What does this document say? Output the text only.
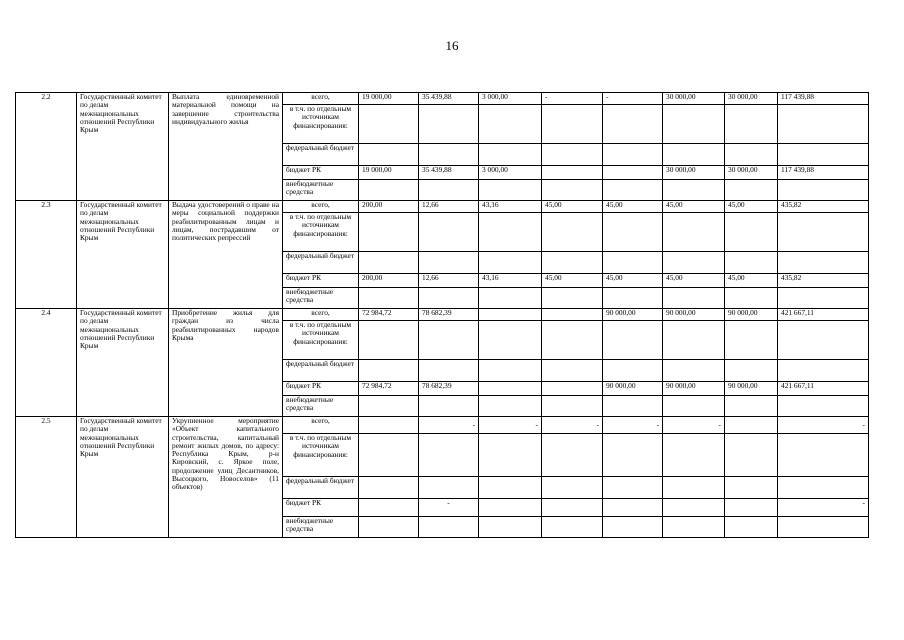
16
2.2	Государственный комитет по делам межнациональных отношений Республики Крым	Выплата единовременной материальной помощи на завершение строительства индивидуального жилья	всего,	19 000,00	35 439,88	3 000,00	-	-	30 000,00	30 000,00	117 439,88
			в т.ч. по отдельным источникам финансирования:								
			федеральный бюджет								
			бюджет РК	19 000,00	35 439,88	3 000,00			30 000,00	30 000,00	117 439,88
			внебюджетные средства								
2.3	Государственный комитет по делам межнациональных отношений Республики Крым	Выдача удостоверений о праве на меры социальной поддержки реабилитированным лицам и лицам, пострадавшим от политических репрессий	всего,	200,00	12,66	43,16	45,00	45,00	45,00	45,00	435,82
			в т.ч. по отдельным источникам финансирования:								
			федеральный бюджет								
			бюджет РК	200,00	12,66	43,16	45,00	45,00	45,00	45,00	435,82
			внебюджетные средства								
2.4	Государственный комитет по делам межнациональных отношений Республики Крым	Приобретение жилья для граждан из числа реабилитированных народов Крыма	всего,	72 984,72	78 682,39			90 000,00	90 000,00	90 000,00	421 667,11
			в т.ч. по отдельным источникам финансирования:								
			федеральный бюджет								
			бюджет РК	72 984,72	78 682,39			90 000,00	90 000,00	90 000,00	421 667,11
			внебюджетные средства								
2.5	Государственный комитет по делам межнациональных отношений Республики Крым	Укрупненное мероприятие «Объект капитального строительства, капитальный ремонт жилых домов, по адресу: Республика Крым, р-н Кировский, с. Яркое поле, продолжение улиц Десантников, Высоцкого, Новоселов» (11 объектов)	всего,		-	-	-	-	-		-
			в т.ч. по отдельным источникам финансирования:								
			федеральный бюджет								
			бюджет РК		-						-
			внебюджетные средства								
